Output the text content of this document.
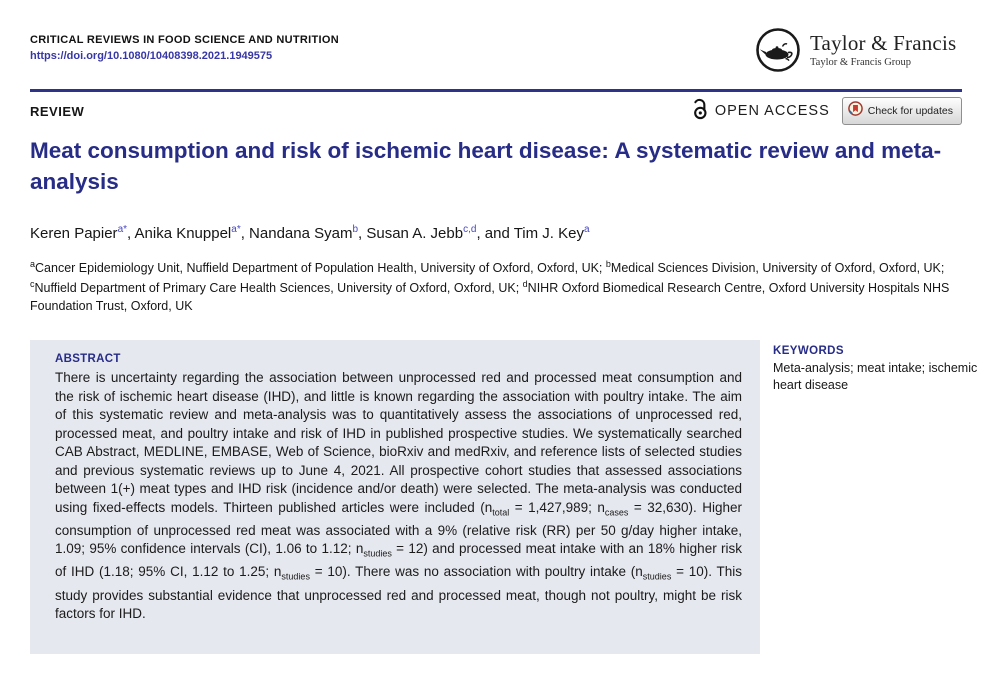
CRITICAL REVIEWS IN FOOD SCIENCE AND NUTRITION
https://doi.org/10.1080/10408398.2021.1949575
Taylor & Francis
Taylor & Francis Group
REVIEW	OPEN ACCESS	Check for updates
Meat consumption and risk of ischemic heart disease: A systematic review and meta-analysis
Keren Papier$^{a*}$, Anika Knuppel$^{a*}$, Nandana Syam$^b$, Susan A. Jebb$^{c,d}$, and Tim J. Key$^a$
$^a$Cancer Epidemiology Unit, Nuffield Department of Population Health, University of Oxford, Oxford, UK; $^b$Medical Sciences Division, University of Oxford, Oxford, UK; $^c$Nuffield Department of Primary Care Health Sciences, University of Oxford, Oxford, UK; $^d$NIHR Oxford Biomedical Research Centre, Oxford University Hospitals NHS Foundation Trust, Oxford, UK
ABSTRACT
There is uncertainty regarding the association between unprocessed red and processed meat consumption and the risk of ischemic heart disease (IHD), and little is known regarding the association with poultry intake. The aim of this systematic review and meta-analysis was to quantitatively assess the associations of unprocessed red, processed meat, and poultry intake and risk of IHD in published prospective studies. We systematically searched CAB Abstract, MEDLINE, EMBASE, Web of Science, bioRxiv and medRxiv, and reference lists of selected studies and previous systematic reviews up to June 4, 2021. All prospective cohort studies that assessed associations between 1(+) meat types and IHD risk (incidence and/or death) were selected. The meta-analysis was conducted using fixed-effects models. Thirteen published articles were included ($n_{total} = 1,427,989$; $n_{cases} = 32,630$). Higher consumption of unprocessed red meat was associated with a 9% (relative risk (RR) per 50 g/day higher intake, 1.09; 95% confidence intervals (CI), 1.06 to 1.12; $n_{studies} = 12$) and processed meat intake with an 18% higher risk of IHD (1.18; 95% CI, 1.12 to 1.25; $n_{studies} = 10$). There was no association with poultry intake $(n_{studies} = 10)$. This study provides substantial evidence that unprocessed red and processed meat, though not poultry, might be risk factors for IHD.
KEYWORDS
Meta-analysis; meat intake; ischemic heart disease
